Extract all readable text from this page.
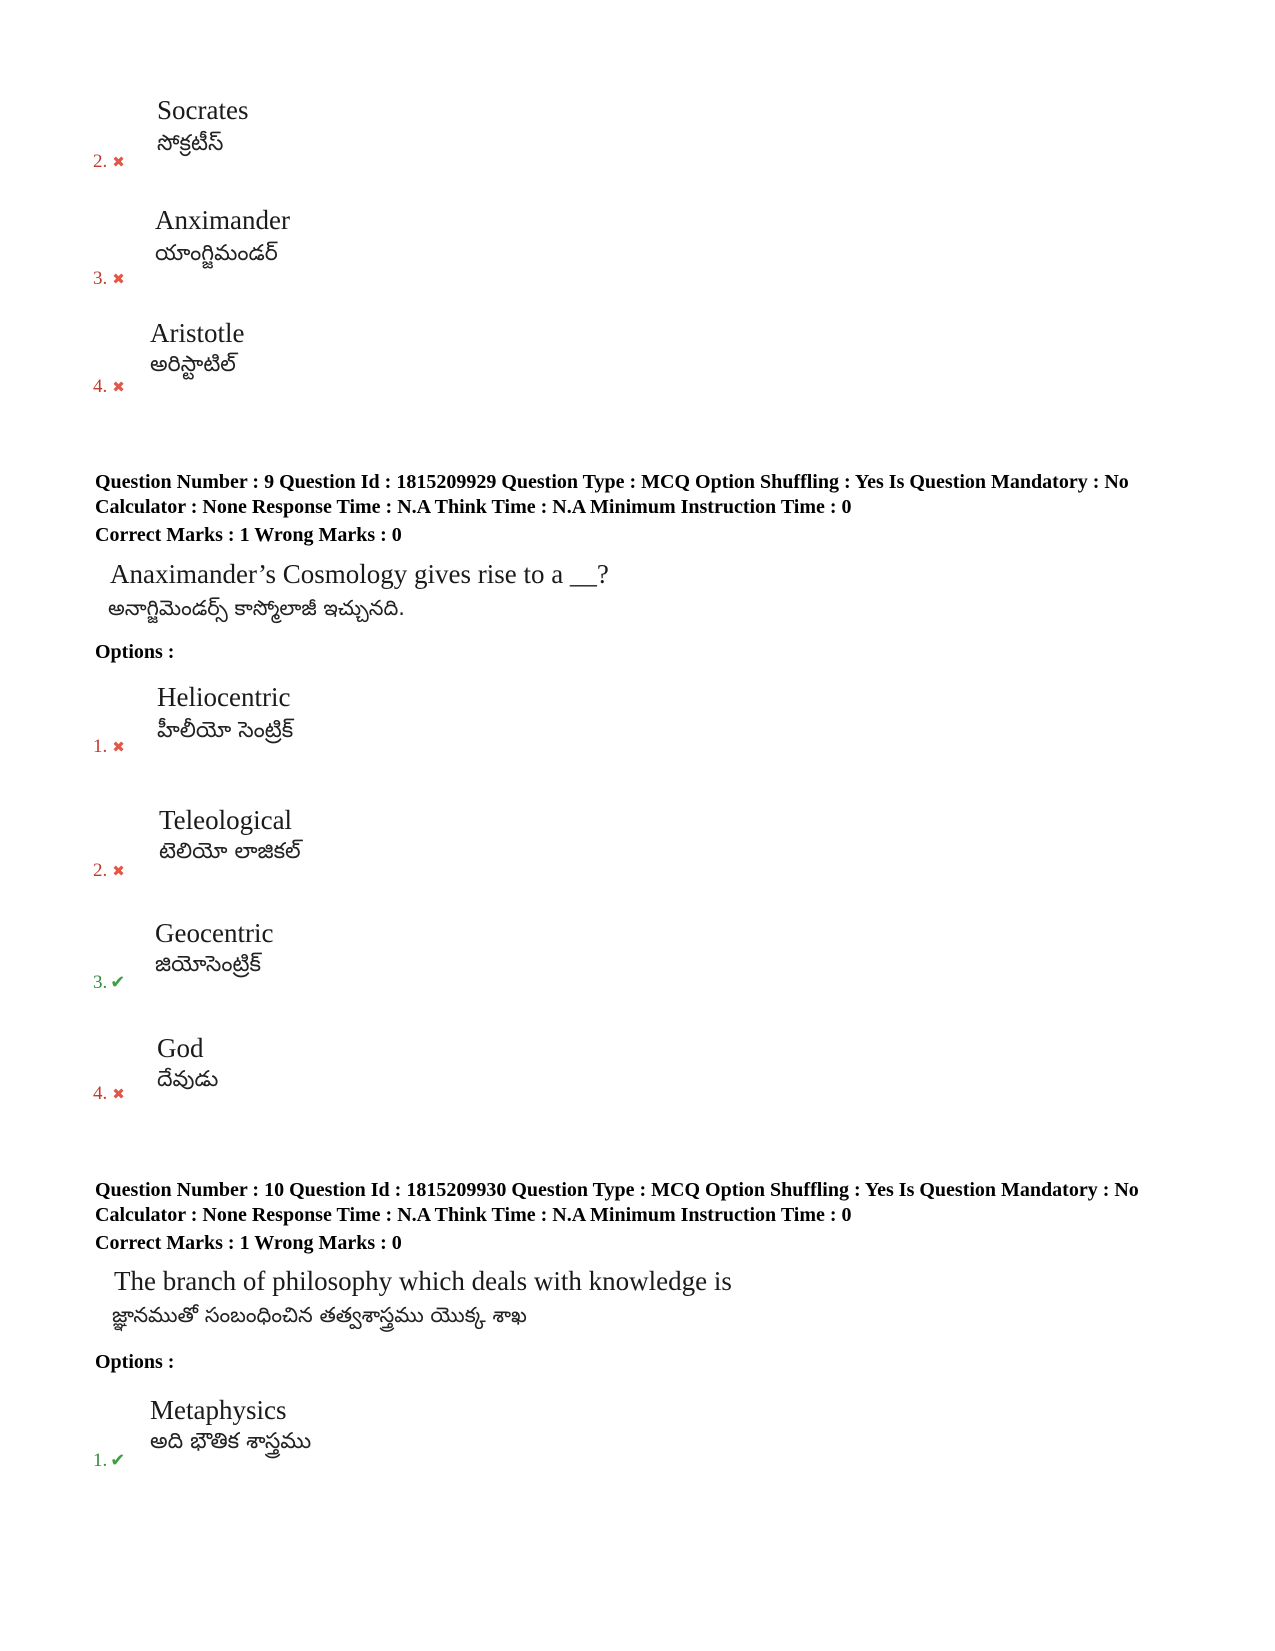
Socrates
సోక్రటీస్
2. ✖
Anximander
యాంగ్జిమండర్
3. ✖
Aristotle
అరిస్టాటిల్
4. ✖
Question Number : 9 Question Id : 1815209929 Question Type : MCQ Option Shuffling : Yes Is Question Mandatory : No Calculator : None Response Time : N.A Think Time : N.A Minimum Instruction Time : 0
Correct Marks : 1 Wrong Marks : 0
Anaximander’s Cosmology gives rise to a __?
అనాగ్జిమెండర్స్ కాస్మోలాజీ ఇచ్చునది.
Options :
Heliocentric
హీలీయో సెంట్రిక్
1. ✖
Teleological
టెలియో లాజికల్
2. ✖
Geocentric
జియోసెంట్రిక్
3. ✔
God
దేవుడు
4. ✖
Question Number : 10 Question Id : 1815209930 Question Type : MCQ Option Shuffling : Yes Is Question Mandatory : No Calculator : None Response Time : N.A Think Time : N.A Minimum Instruction Time : 0
Correct Marks : 1 Wrong Marks : 0
The branch of philosophy which deals with knowledge is
జ్ఞానముతో సంబంధించిన తత్వశాస్త్రము యొక్క శాఖ
Options :
Metaphysics
అది భౌతిక శాస్త్రము
1. ✔
